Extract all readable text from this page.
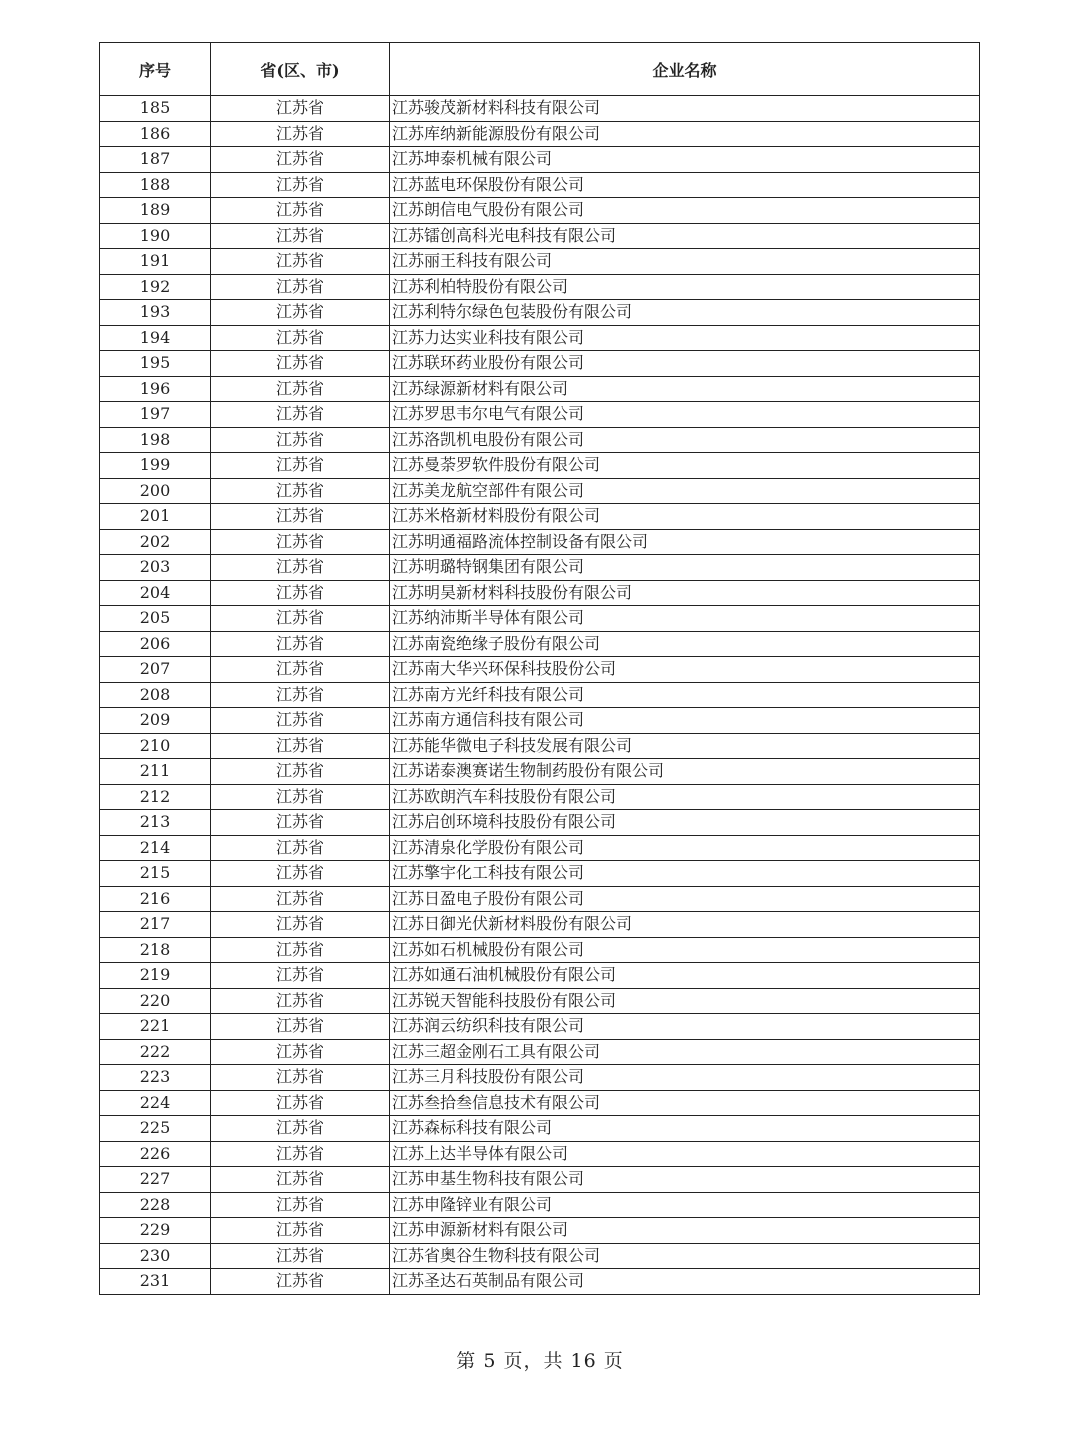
序号	省(区、市)	企业名称
185	江苏省	江苏骏茂新材料科技有限公司
186	江苏省	江苏库纳新能源股份有限公司
187	江苏省	江苏坤泰机械有限公司
188	江苏省	江苏蓝电环保股份有限公司
189	江苏省	江苏朗信电气股份有限公司
190	江苏省	江苏镭创高科光电科技有限公司
191	江苏省	江苏丽王科技有限公司
192	江苏省	江苏利柏特股份有限公司
193	江苏省	江苏利特尔绿色包装股份有限公司
194	江苏省	江苏力达实业科技有限公司
195	江苏省	江苏联环药业股份有限公司
196	江苏省	江苏绿源新材料有限公司
197	江苏省	江苏罗思韦尔电气有限公司
198	江苏省	江苏洛凯机电股份有限公司
199	江苏省	江苏曼荼罗软件股份有限公司
200	江苏省	江苏美龙航空部件有限公司
201	江苏省	江苏米格新材料股份有限公司
202	江苏省	江苏明通福路流体控制设备有限公司
203	江苏省	江苏明璐特钢集团有限公司
204	江苏省	江苏明昊新材料科技股份有限公司
205	江苏省	江苏纳沛斯半导体有限公司
206	江苏省	江苏南瓷绝缘子股份有限公司
207	江苏省	江苏南大华兴环保科技股份公司
208	江苏省	江苏南方光纤科技有限公司
209	江苏省	江苏南方通信科技有限公司
210	江苏省	江苏能华微电子科技发展有限公司
211	江苏省	江苏诺泰澳赛诺生物制药股份有限公司
212	江苏省	江苏欧朗汽车科技股份有限公司
213	江苏省	江苏启创环境科技股份有限公司
214	江苏省	江苏清泉化学股份有限公司
215	江苏省	江苏擎宇化工科技有限公司
216	江苏省	江苏日盈电子股份有限公司
217	江苏省	江苏日御光伏新材料股份有限公司
218	江苏省	江苏如石机械股份有限公司
219	江苏省	江苏如通石油机械股份有限公司
220	江苏省	江苏锐天智能科技股份有限公司
221	江苏省	江苏润云纺织科技有限公司
222	江苏省	江苏三超金刚石工具有限公司
223	江苏省	江苏三月科技股份有限公司
224	江苏省	江苏叁拾叁信息技术有限公司
225	江苏省	江苏森标科技有限公司
226	江苏省	江苏上达半导体有限公司
227	江苏省	江苏申基生物科技有限公司
228	江苏省	江苏申隆锌业有限公司
229	江苏省	江苏申源新材料有限公司
230	江苏省	江苏省奥谷生物科技有限公司
231	江苏省	江苏圣达石英制品有限公司
第 5 页，共 16 页
